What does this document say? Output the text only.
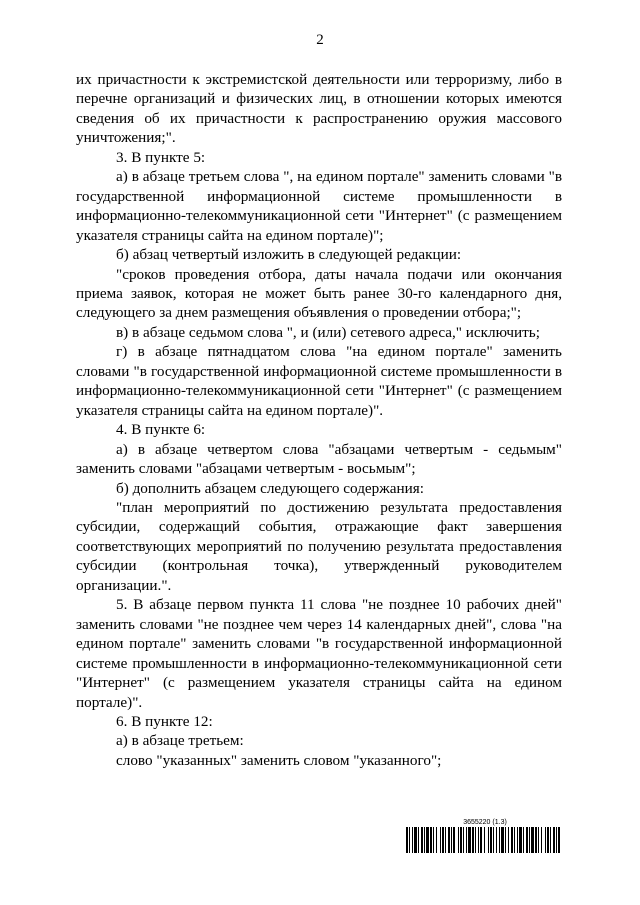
2

их причастности к экстремистской деятельности или терроризму, либо в перечне организаций и физических лиц, в отношении которых имеются сведения об их причастности к распространению оружия массового уничтожения;".

3. В пункте 5:

а) в абзаце третьем слова ", на едином портале" заменить словами "в государственной информационной системе промышленности в информационно-телекоммуникационной сети "Интернет" (с размещением указателя страницы сайта на едином портале)";

б) абзац четвертый изложить в следующей редакции:

"сроков проведения отбора, даты начала подачи или окончания приема заявок, которая не может быть ранее 30-го календарного дня, следующего за днем размещения объявления о проведении отбора;";

в) в абзаце седьмом слова ", и (или) сетевого адреса," исключить;

г) в абзаце пятнадцатом слова "на едином портале" заменить словами "в государственной информационной системе промышленности в информационно-телекоммуникационной сети "Интернет" (с размещением указателя страницы сайта на едином портале)".

4. В пункте 6:

а) в абзаце четвертом слова "абзацами четвертым - седьмым" заменить словами "абзацами четвертым - восьмым";

б) дополнить абзацем следующего содержания:

"план мероприятий по достижению результата предоставления субсидии, содержащий события, отражающие факт завершения соответствующих мероприятий по получению результата предоставления субсидии (контрольная точка), утвержденный руководителем организации.".

5. В абзаце первом пункта 11 слова "не позднее 10 рабочих дней" заменить словами "не позднее чем через 14 календарных дней", слова "на едином портале" заменить словами "в государственной информационной системе промышленности в информационно-телекоммуникационной сети "Интернет" (с размещением указателя страницы сайта на едином портале)".

6. В пункте 12:

а) в абзаце третьем:

слово "указанных" заменить словом "указанного";

3655220 (1.3)
